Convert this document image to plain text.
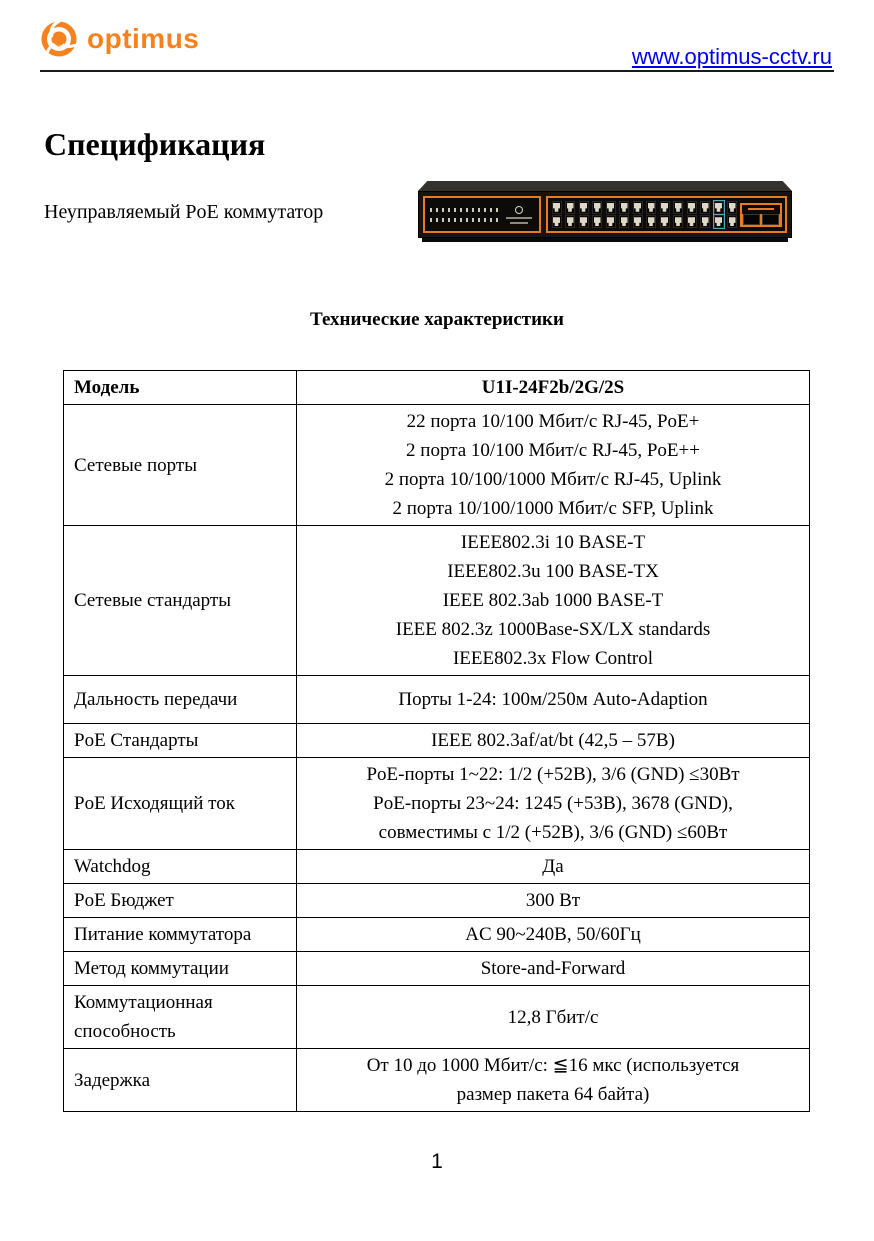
optimus
www.optimus-cctv.ru
Спецификация
Неуправляемый PoE коммутатор
Технические характеристики
Модель	U1I-24F2b/2G/2S

Сетевые порты	22 порта 10/100 Мбит/с RJ-45, PoE+
2 порта 10/100 Мбит/с RJ-45, PoE++
2 порта 10/100/1000 Мбит/с RJ-45, Uplink
2 порта 10/100/1000 Мбит/с SFP, Uplink

Сетевые стандарты	IEEE802.3i 10 BASE-T
IEEE802.3u 100 BASE-TX
IEEE 802.3ab 1000 BASE-T
IEEE 802.3z 1000Base-SX/LX standards
IEEE802.3x Flow Control

Дальность передачи	Порты 1-24: 100м/250м Auto-Adaption

PoE Стандарты	IEEE 802.3af/at/bt (42,5 – 57В)

PoE Исходящий ток	PoE-порты 1~22: 1/2 (+52В), 3/6 (GND) ≤30Вт
PoE-порты 23~24: 1245 (+53В), 3678 (GND),
совместимы с 1/2 (+52В), 3/6 (GND) ≤60Вт

Watchdog	Да

PoE Бюджет	300 Вт

Питание коммутатора	AC 90~240В, 50/60Гц

Метод коммутации	Store-and-Forward

Коммутационная способность	12,8 Гбит/с

Задержка	От 10 до 1000 Мбит/с: ≦16 мкс (используется
размер пакета 64 байта)
1
